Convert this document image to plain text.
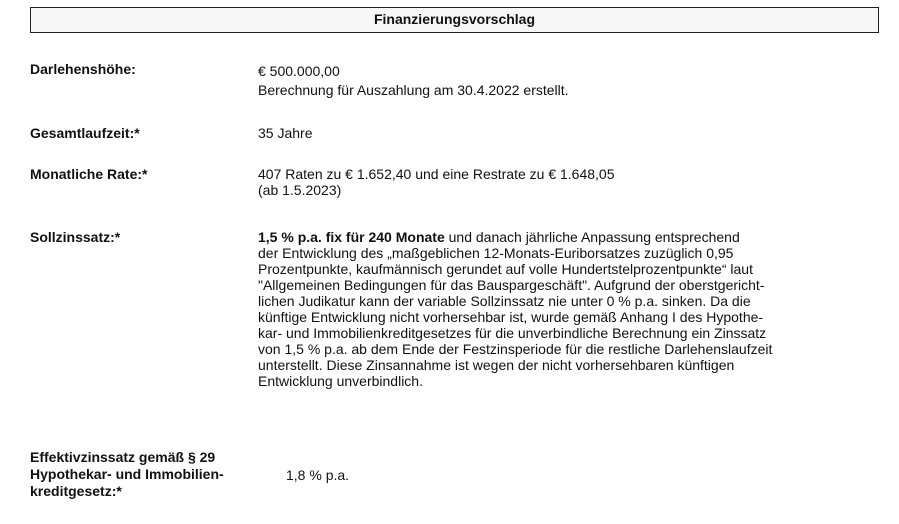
Finanzierungsvorschlag
Darlehenshöhe:	€ 500.000,00
Berechnung für Auszahlung am 30.4.2022 erstellt.
Gesamtlaufzeit:*	35 Jahre
Monatliche Rate:*	407 Raten zu € 1.652,40 und eine Restrate zu € 1.648,05
(ab 1.5.2023)
Sollzinssatz:*	1,5 % p.a. fix für 240 Monate und danach jährliche Anpassung entsprechend
der Entwicklung des „maßgeblichen 12-Monats-Euriborsatzes zuzüglich 0,95
Prozentpunkte, kaufmännisch gerundet auf volle Hundertstelprozentpunkte“ laut
"Allgemeinen Bedingungen für das Bauspargeschäft". Aufgrund der oberstgericht-
lichen Judikatur kann der variable Sollzinssatz nie unter 0 % p.a. sinken. Da die
künftige Entwicklung nicht vorhersehbar ist, wurde gemäß Anhang I des Hypothe-
kar- und Immobilienkreditgesetzes für die unverbindliche Berechnung ein Zinssatz
von 1,5 % p.a. ab dem Ende der Festzinsperiode für die restliche Darlehenslaufzeit
unterstellt. Diese Zinsannahme ist wegen der nicht vorhersehbaren künftigen
Entwicklung unverbindlich.
Effektivzinssatz gemäß § 29
Hypothekar- und Immobilien-
kreditgesetz:*
1,8 % p.a.
